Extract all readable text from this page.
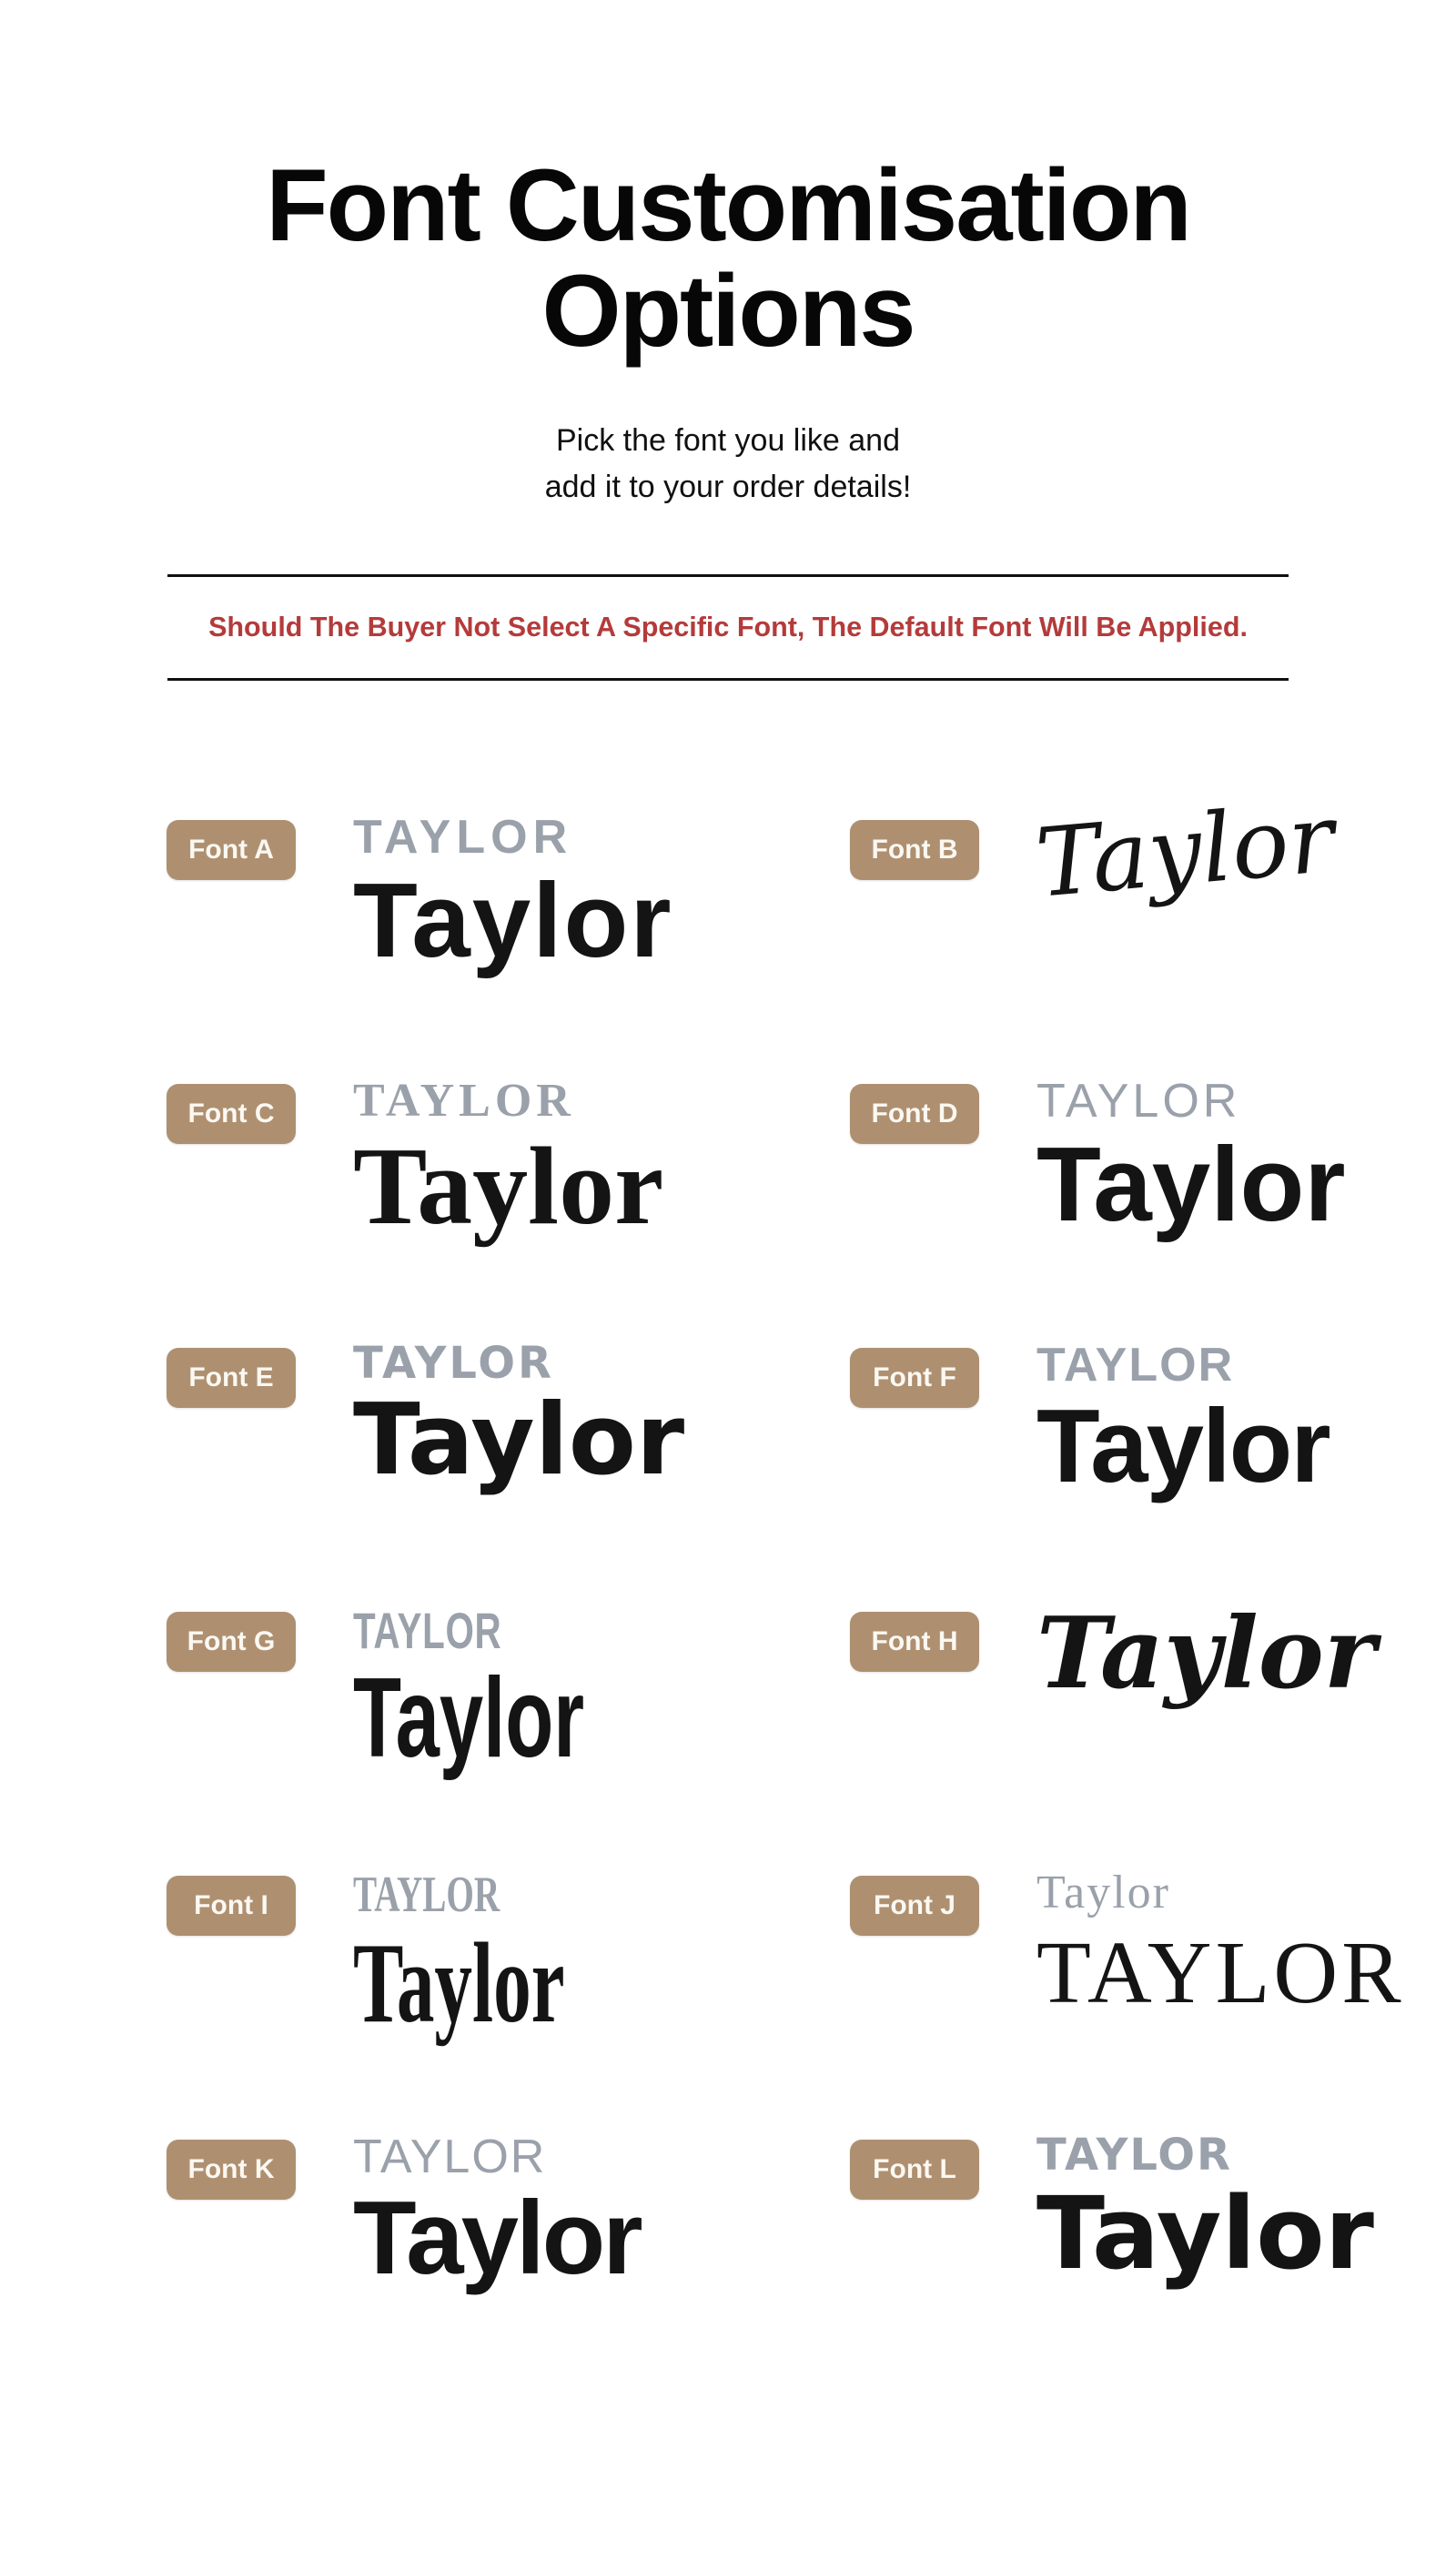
Font Customisation
Options
Pick the font you like and
add it to your order details!
Should The Buyer Not Select A Specific Font, The Default Font Will Be Applied.
Font A	TAYLOR
Taylor
Font B Taylor
Font C	TAYLOR
Taylor
Font D	TAYLOR
Taylor
Font E	TAYLOR
Taylor
Font F	TAYLOR
Taylor
Font G	TAYLOR
Taylor
Font H Taylor
Font I	TAYLOR
Taylor
Font J	Taylor
TAYLOR
Font K	TAYLOR
Taylor
Font L	TAYLOR
Taylor
